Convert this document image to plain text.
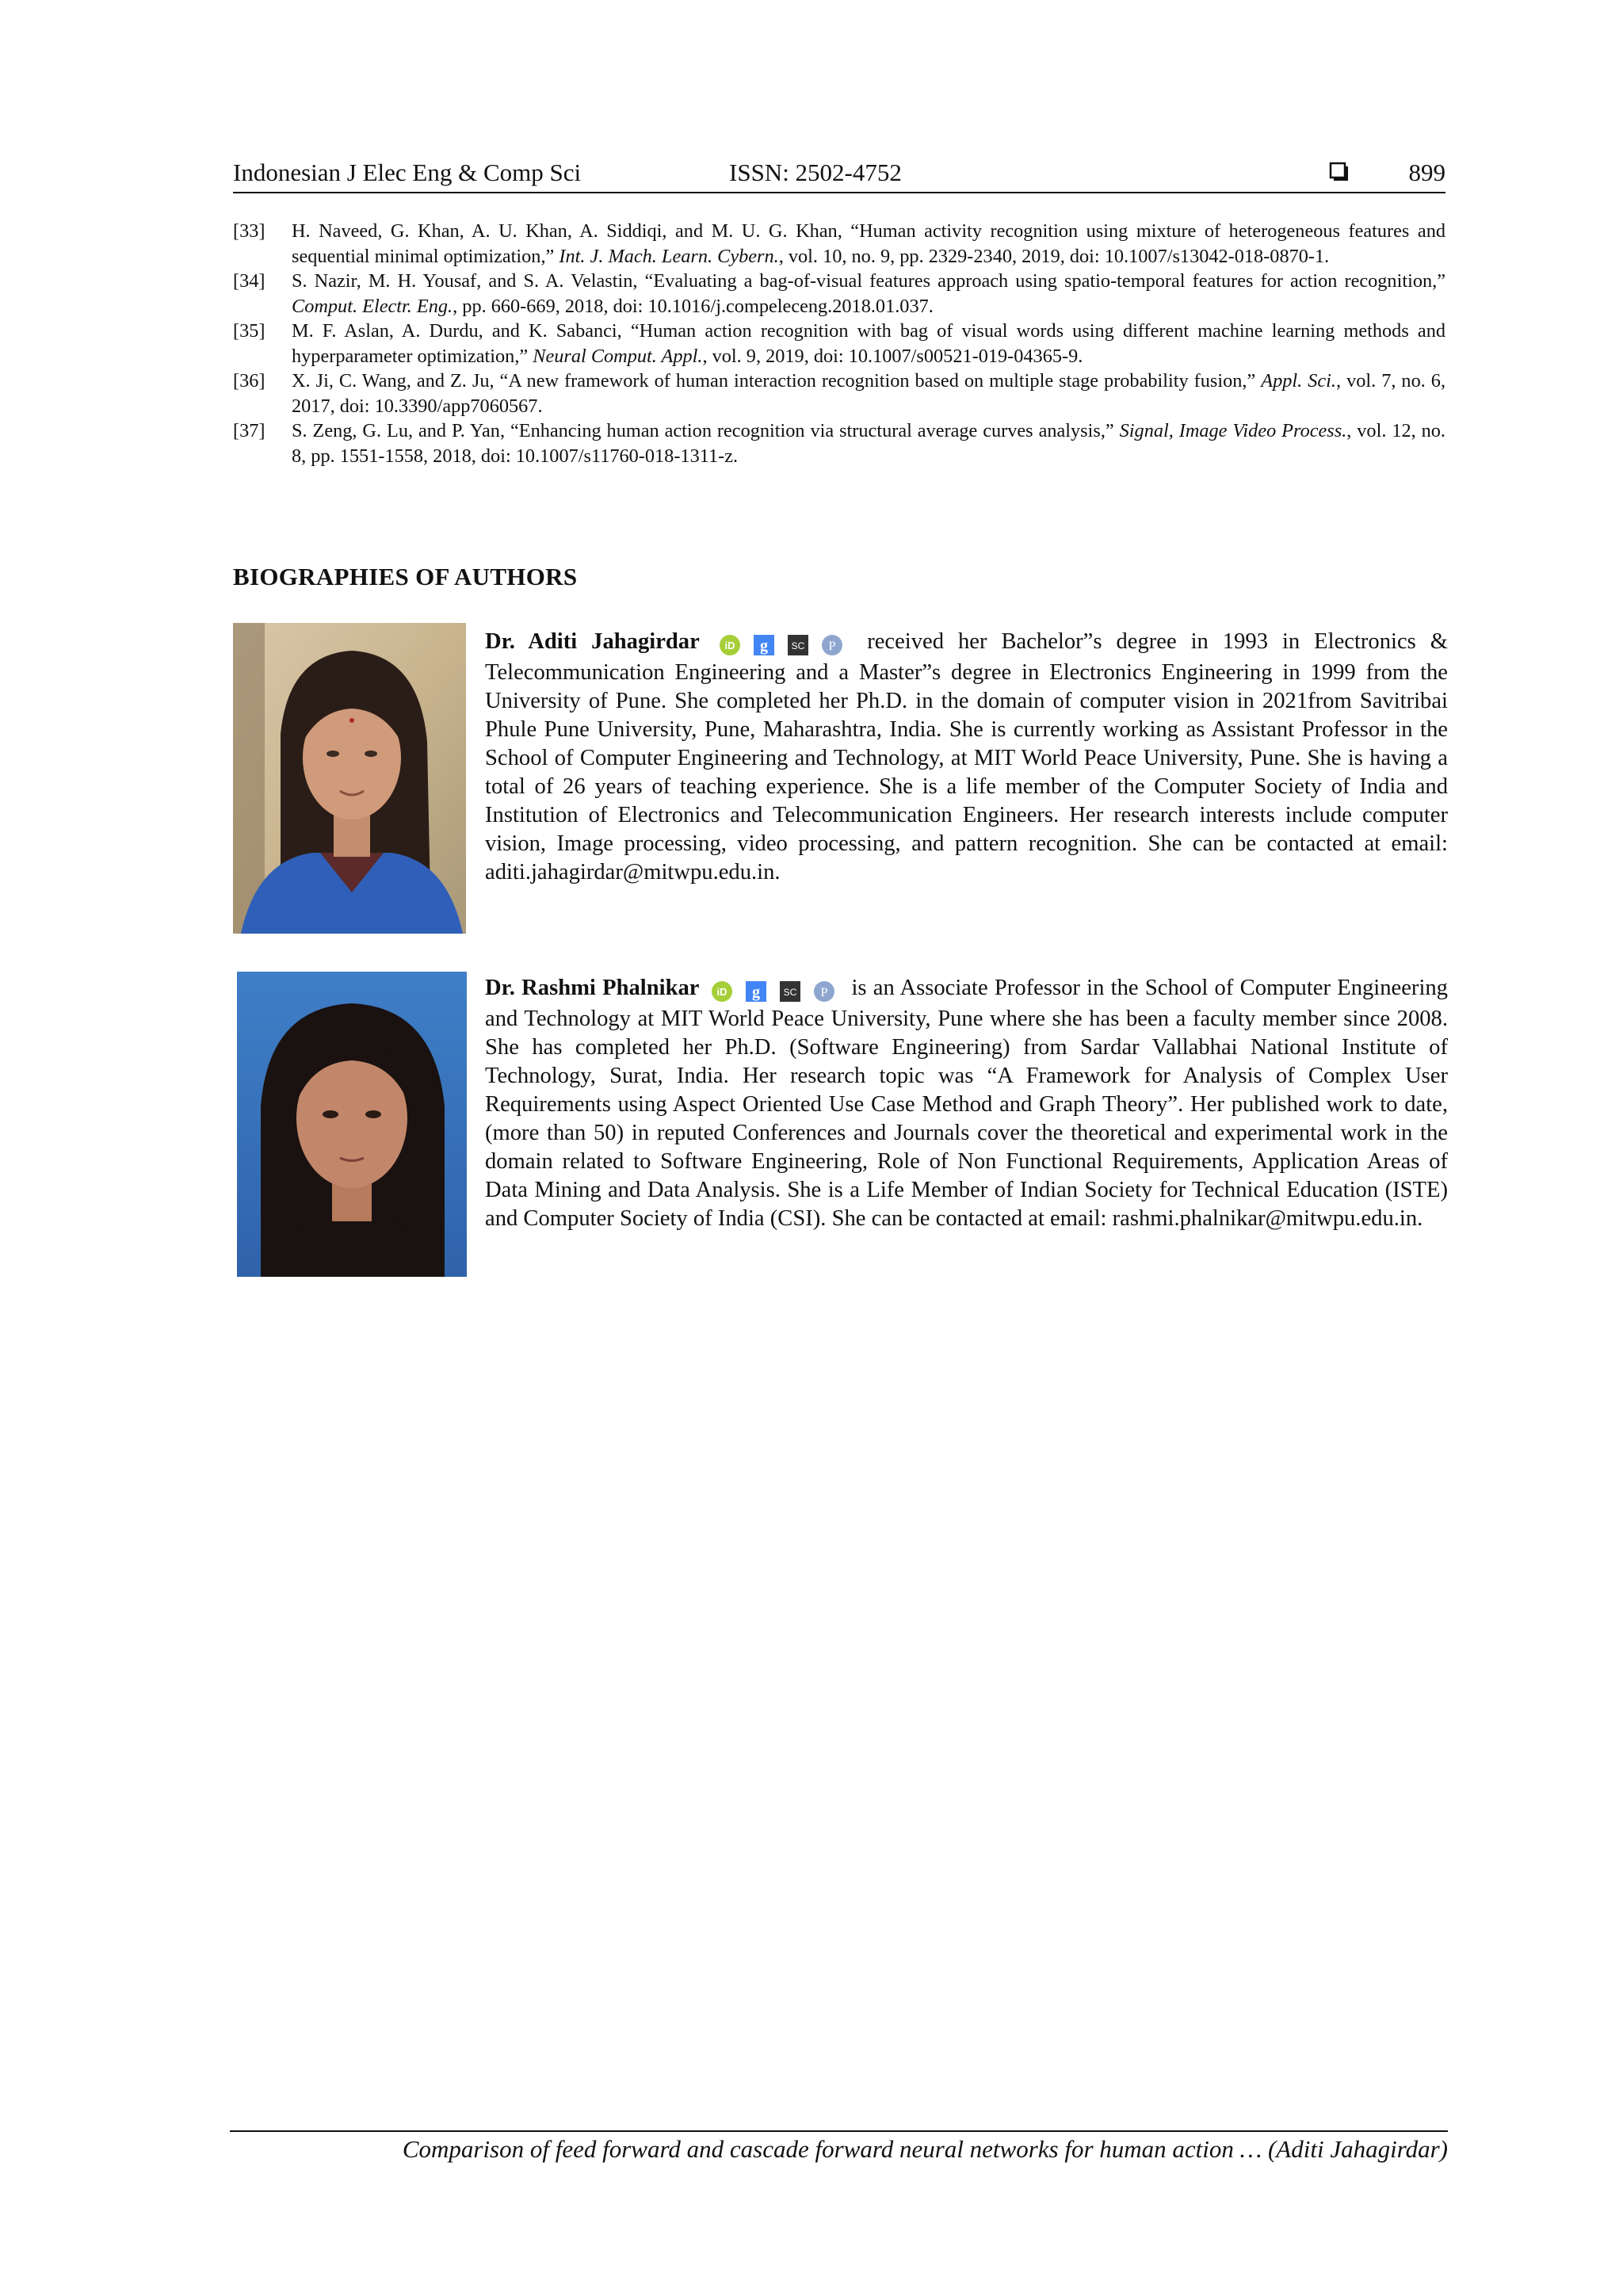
Indonesian J Elec Eng & Comp Sci	ISSN: 2502-4752	899
[33]	H. Naveed, G. Khan, A. U. Khan, A. Siddiqi, and M. U. G. Khan, “Human activity recognition using mixture of heterogeneous features and sequential minimal optimization,” Int. J. Mach. Learn. Cybern., vol. 10, no. 9, pp. 2329-2340, 2019, doi: 10.1007/s13042-018-0870-1.
[34]	S. Nazir, M. H. Yousaf, and S. A. Velastin, “Evaluating a bag-of-visual features approach using spatio-temporal features for action recognition,” Comput. Electr. Eng., pp. 660-669, 2018, doi: 10.1016/j.compeleceng.2018.01.037.
[35]	M. F. Aslan, A. Durdu, and K. Sabanci, “Human action recognition with bag of visual words using different machine learning methods and hyperparameter optimization,” Neural Comput. Appl., vol. 9, 2019, doi: 10.1007/s00521-019-04365-9.
[36]	X. Ji, C. Wang, and Z. Ju, “A new framework of human interaction recognition based on multiple stage probability fusion,” Appl. Sci., vol. 7, no. 6, 2017, doi: 10.3390/app7060567.
[37]	S. Zeng, G. Lu, and P. Yan, “Enhancing human action recognition via structural average curves analysis,” Signal, Image Video Process., vol. 12, no. 8, pp. 1551-1558, 2018, doi: 10.1007/s11760-018-1311-z.
BIOGRAPHIES OF AUTHORS
Dr. Aditi Jahagirdar iD
g
SC
P received her Bachelor”s degree in 1993 in Electronics & Telecommunication Engineering and a Master”s degree in Electronics Engineering in 1999 from the University of Pune. She completed her Ph.D. in the domain of computer vision in 2021from Savitribai Phule Pune University, Pune, Maharashtra, India. She is currently working as Assistant Professor in the School of Computer Engineering and Technology, at MIT World Peace University, Pune. She is having a total of 26 years of teaching experience. She is a life member of the Computer Society of India and Institution of Electronics and Telecommunication Engineers. Her research interests include computer vision, Image processing, video processing, and pattern recognition. She can be contacted at email: aditi.jahagirdar@mitwpu.edu.in.
Dr. Rashmi Phalnikar iD
g
SC
P is an Associate Professor in the School of Computer Engineering and Technology at MIT World Peace University, Pune where she has been a faculty member since 2008. She has completed her Ph.D. (Software Engineering) from Sardar Vallabhai National Institute of Technology, Surat, India. Her research topic was “A Framework for Analysis of Complex User Requirements using Aspect Oriented Use Case Method and Graph Theory”. Her published work to date, (more than 50) in reputed Conferences and Journals cover the theoretical and experimental work in the domain related to Software Engineering, Role of Non Functional Requirements, Application Areas of Data Mining and Data Analysis. She is a Life Member of Indian Society for Technical Education (ISTE) and Computer Society of India (CSI). She can be contacted at email: rashmi.phalnikar@mitwpu.edu.in.
Comparison of feed forward and cascade forward neural networks for human action … (Aditi Jahagirdar)
